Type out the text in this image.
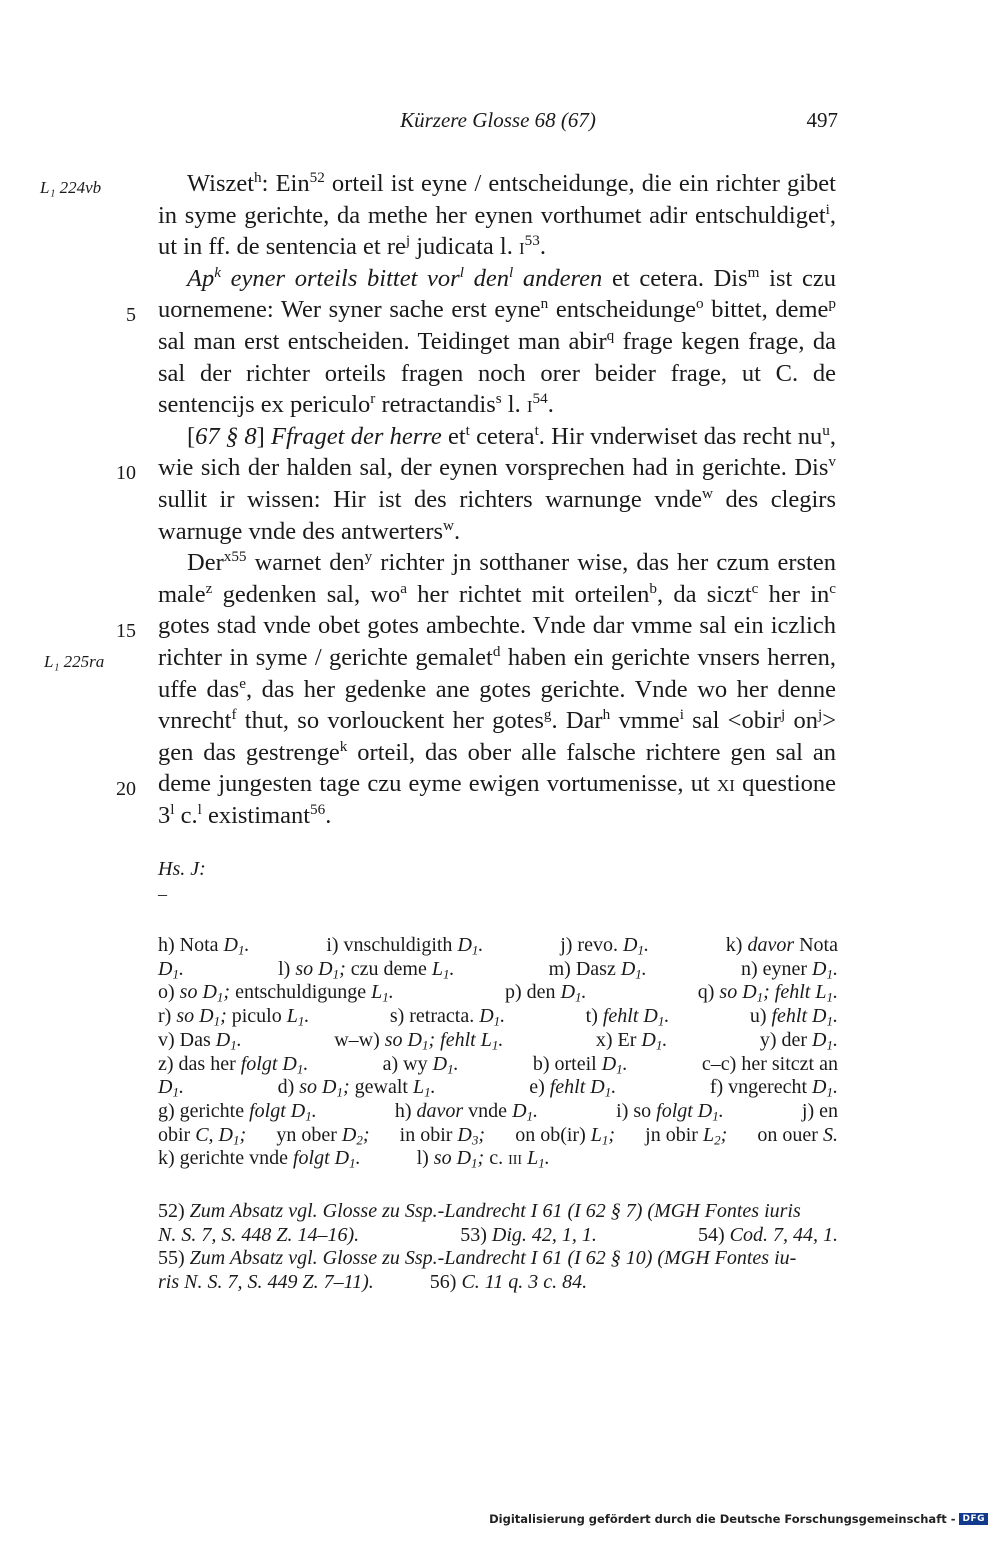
Kürzere Glosse 68 (67)	497
L₁ 224vb
L₁ 225ra
5
10
15
20

Wiszet$^h$: Ein$^{52}$ orteil ist eyne / entscheidunge, die ein richter gibet in syme gerichte, da methe her eynen vorthumet adir entschuldiget$^i$, ut in ff. de sentencia et $re^j$ judicata l. $i^{53}$.

Ap$^k$ eyner orteils bittet vor$^l$ den$^l$ anderen et cetera. Dis$^m$ ist czu uornemene: Wer syner sache erst eyne$^n$ entscheidunge$^o$ bittet, deme$^p$ sal man erst entscheiden. Teidinget man abir$^q$ frage kegen frage, da sal der richter orteils fragen noch orer beider frage, ut C. de sentencijs ex periculo$^r$ retractandis$^s$ l. $i^{54}$.

[67 § 8] Ffraget der herre $et^t$ cetera$^t$. Hir vnderwiset das recht $nu^u$, wie sich der halden sal, der eynen vorsprechen had in gerichte. Dis$^v$ sullit ir wissen: Hir ist des richters warnunge vnde$^w$ des clegirs warnuge vnde des antwerters$^w$.

Der$^{x55}$ warnet den$^y$ richter jn sotthaner wise, das her czum ersten male$^z$ gedenken sal, $wo^a$ her richtet mit orteilen$^b$, da siczt$^c$ her $in^c$ gotes stad vnde obet gotes ambechte. Vnde dar vmme sal ein iczlich richter in syme / gerichte gemalet$^d$ haben ein gerichte vnsers herren, uffe das$^e$, das her gedenke ane gotes gerichte. Vnde wo her denne vnrecht$^f$ thut, so vorlouckent her gotes$^g$. Dar$^h$ vmme$^i$ sal <obir$^j$ $on^j>$ gen das gestrenge$^k$ orteil, das ober alle falsche richtere gen sal an deme jungesten tage czu eyme ewigen vortumenisse, ut xi questione 3$^l$ c.$^l$ existimant$^{56}$.

Hs. J:
–
h) Nota $D_1$.	i) vnschuldigith $D_1$.	j) revo. $D_1$.	k) davor Nota
$D_1$.	l) so $D_1$; czu deme $L_1$.	m) Dasz $D_1$.	n) eyner $D_1$.
o) so $D_1$; entschuldigunge $L_1$.	p) den $D_1$.	q) so $D_1$; fehlt $L_1$.
r) so $D_1$; piculo $L_1$.	s) retracta. $D_1$.	t) fehlt $D_1$.	u) fehlt $D_1$.
v) Das $D_1$.	w–w) so $D_1$; fehlt $L_1$.	x) Er $D_1$.	y) der $D_1$.
z) das her folgt $D_1$.	a) wy $D_1$.	b) orteil $D_1$.	c–c) her sitczt an
$D_1$.	d) so $D_1$; gewalt $L_1$.	e) fehlt $D_1$.	f) vngerecht $D_1$.
g) gerichte folgt $D_1$.	h) davor vnde $D_1$.	i) so folgt $D_1$.	j) en
obir C, $D_1$; yn ober $D_2$; in obir $D_3$; on ob(ir) $L_1$; jn obir $L_2$; on ouer S.
k) gerichte vnde folgt $D_1$.	l) so $D_1$; c. iii $L_1$.
52) Zum Absatz vgl. Glosse zu Ssp.-Landrecht I 61 (I 62 § 7) (MGH Fontes iuris
N. S. 7, S. 448 Z. 14–16).	53) Dig. 42, 1, 1.	54) Cod. 7, 44, 1.
55) Zum Absatz vgl. Glosse zu Ssp.-Landrecht I 61 (I 62 § 10) (MGH Fontes iu-
ris N. S. 7, S. 449 Z. 7–11).	56) C. 11 q. 3 c. 84.
Digitalisierung gefördert durch die Deutsche Forschungsgemeinschaft - DFG
